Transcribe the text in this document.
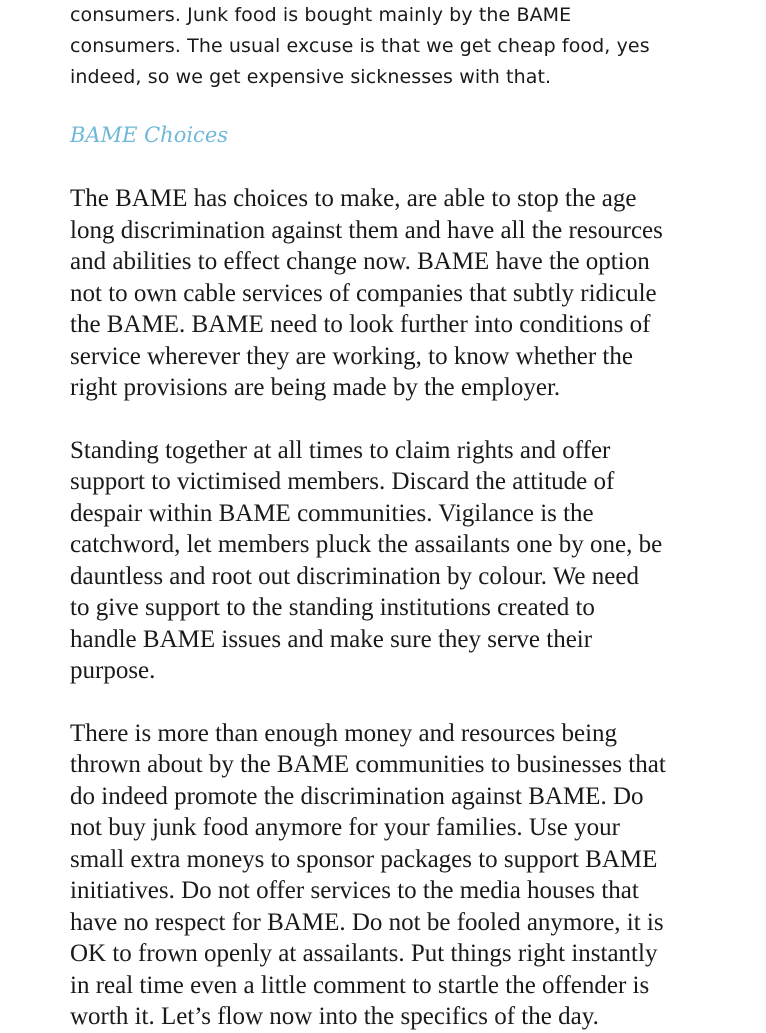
consumers. Junk food is bought mainly by the BAME
consumers. The usual excuse is that we get cheap food, yes
indeed, so we get expensive sicknesses with that.

BAME Choices

The BAME has choices to make, are able to stop the age
long discrimination against them and have all the resources
and abilities to effect change now. BAME have the option
not to own cable services of companies that subtly ridicule
the BAME. BAME need to look further into conditions of
service wherever they are working, to know whether the
right provisions are being made by the employer.

Standing together at all times to claim rights and offer
support to victimised members. Discard the attitude of
despair within BAME communities. Vigilance is the
catchword, let members pluck the assailants one by one, be
dauntless and root out discrimination by colour. We need
to give support to the standing institutions created to
handle BAME issues and make sure they serve their
purpose.

There is more than enough money and resources being
thrown about by the BAME communities to businesses that
do indeed promote the discrimination against BAME. Do
not buy junk food anymore for your families. Use your
small extra moneys to sponsor packages to support BAME
initiatives. Do not offer services to the media houses that
have no respect for BAME. Do not be fooled anymore, it is
OK to frown openly at assailants. Put things right instantly
in real time even a little comment to startle the offender is
worth it. Let’s flow now into the specifics of the day.
